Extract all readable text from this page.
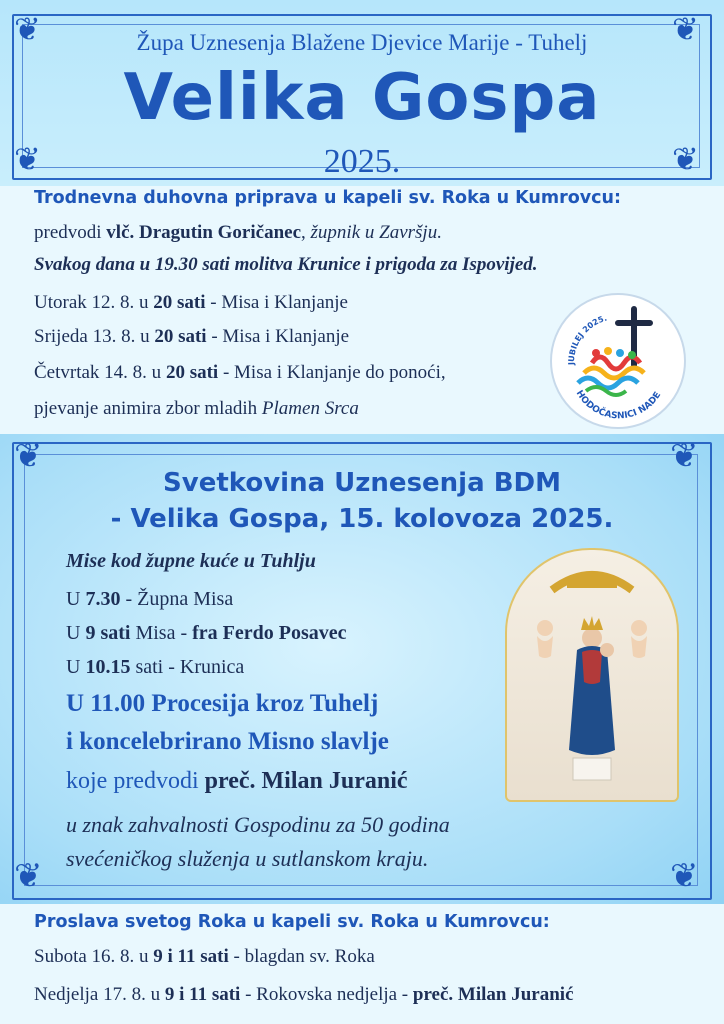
❦	❦
❦	❦
Župa Uznesenja Blažene Djevice Marije - Tuhelj
Velika Gospa
2025.
Trodnevna duhovna priprava u kapeli sv. Roka u Kumrovcu:
predvodi vlč. Dragutin Goričanec, župnik u Završju.
Svakog dana u 19.30 sati molitva Krunice i prigoda za Ispovijed.
Utorak 12. 8. u 20 sati - Misa i Klanjanje
Srijeda 13. 8. u 20 sati - Misa i Klanjanje
Četvrtak 14. 8. u 20 sati - Misa i Klanjanje do ponoći,
pjevanje animira zbor mladih Plamen Srca
JUBILEJ 2025.
HODOČASNICI NADE
❦	❦
❦	❦
Svetkovina Uznesenja BDM
- Velika Gospa, 15. kolovoza 2025.
Mise kod župne kuće u Tuhlju
U 7.30 - Župna Misa
U 9 sati Misa - fra Ferdo Posavec
U 10.15 sati - Krunica
U 11.00 Procesija kroz Tuhelj
i koncelebrirano Misno slavlje
koje predvodi preč. Milan Juranić
u znak zahvalnosti Gospodinu za 50 godina
svećeničkog služenja u sutlanskom kraju.
Proslava svetog Roka u kapeli sv. Roka u Kumrovcu:
Subota 16. 8. u 9 i 11 sati - blagdan sv. Roka
Nedjelja 17. 8. u 9 i 11 sati - Rokovska nedjelja - preč. Milan Juranić
